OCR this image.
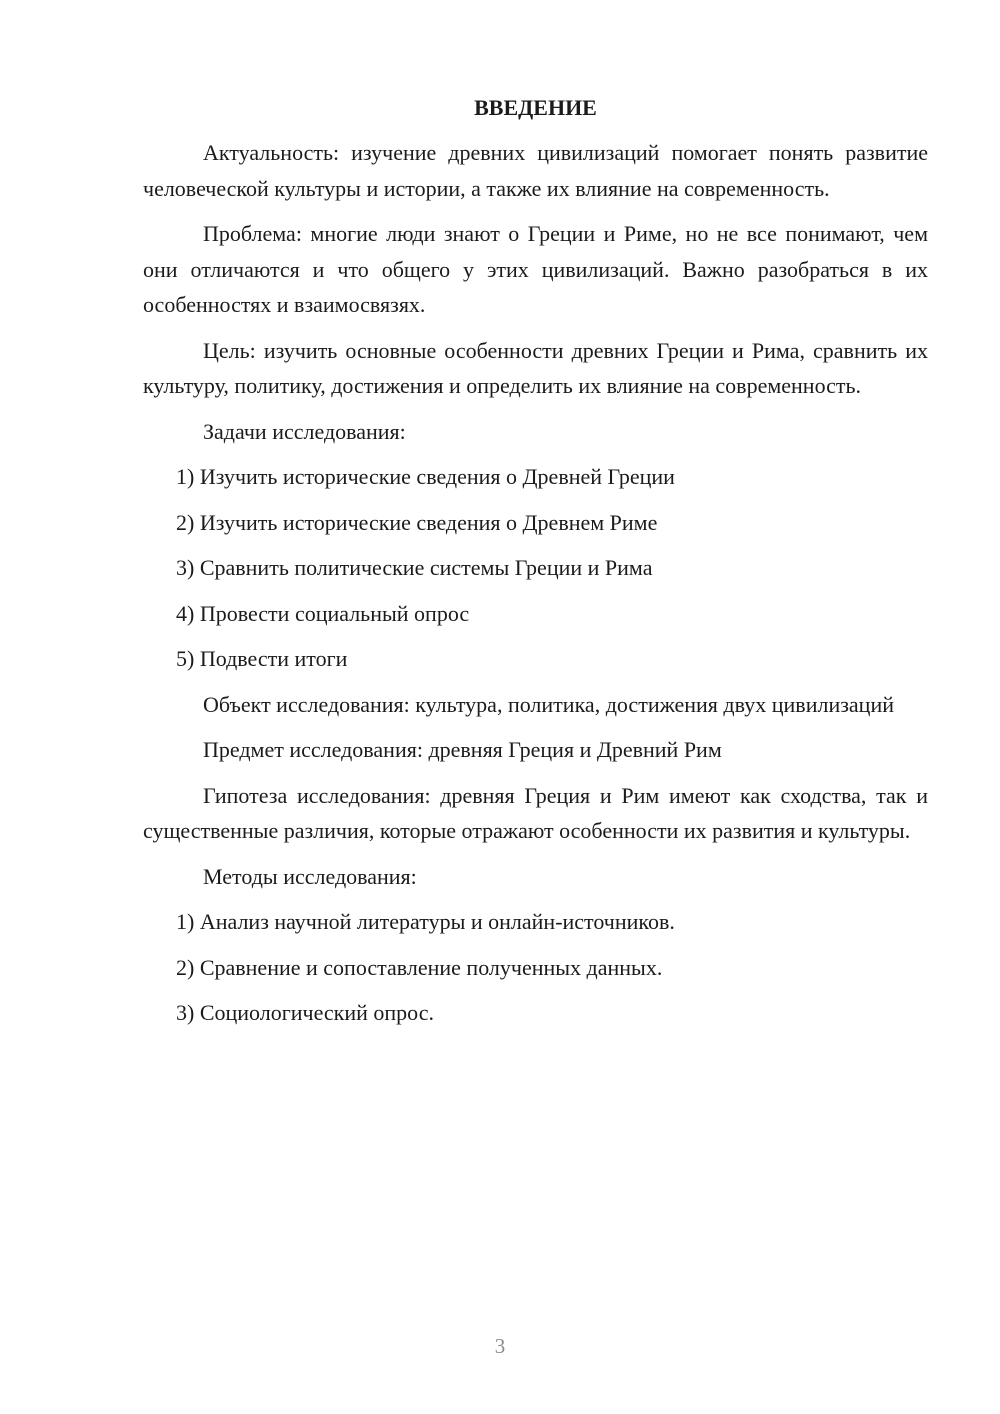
ВВЕДЕНИЕ

Актуальность: изучение древних цивилизаций помогает понять развитие человеческой культуры и истории, а также их влияние на современность.

Проблема: многие люди знают о Греции и Риме, но не все понимают, чем они отличаются и что общего у этих цивилизаций. Важно разобраться в их особенностях и взаимосвязях.

Цель: изучить основные особенности древних Греции и Рима, сравнить их культуру, политику, достижения и определить их влияние на современность.

Задачи исследования:

1) Изучить исторические сведения о Древней Греции
2) Изучить исторические сведения о Древнем Риме
3) Сравнить политические системы Греции и Рима
4) Провести социальный опрос
5) Подвести итоги

Объект исследования: культура, политика, достижения двух цивилизаций

Предмет исследования: древняя Греция и Древний Рим

Гипотеза исследования: древняя Греция и Рим имеют как сходства, так и существенные различия, которые отражают особенности их развития и культуры.

Методы исследования:

1) Анализ научной литературы и онлайн-источников.
2) Сравнение и сопоставление полученных данных.
3) Социологический опрос.
3
